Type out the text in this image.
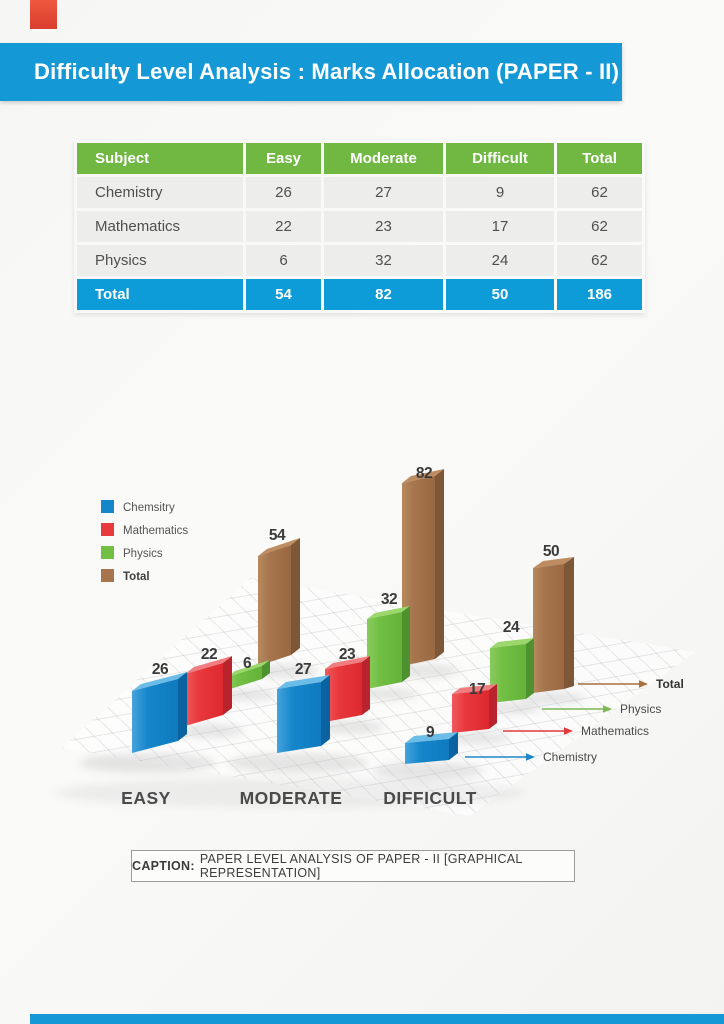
Difficulty Level Analysis : Marks Allocation (PAPER - II)
Subject	Easy	Moderate	Difficult	Total
Chemistry	26	27	9	62
Mathematics	22	23	17	62
Physics	6	32	24	62
Total	54	82	50	186
26
22
6
54
27
23
32
82
9
17
24
50
Total
Physics
Mathematics
Chemistry
EASY	MODERATE DIFFICULT
Chemsitry
Mathematics
Physics
Total
CAPTION: PAPER LEVEL ANALYSIS OF PAPER - II [GRAPHICAL REPRESENTATION]
